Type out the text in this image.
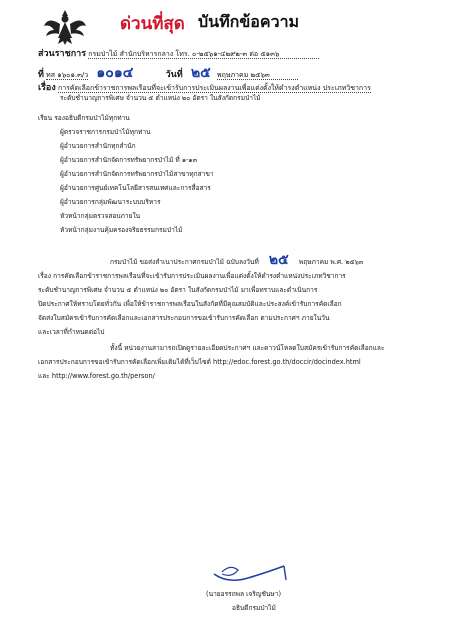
ด่วนที่สุด บันทึกข้อความ
ส่วนราชการ กรมป่าไม้ สำนักบริหารกลาง โทร. ๐-๒๕๖๑-๔๒๙๒-๓ ต่อ ๕๑๓๖
ที่ ทส ๑๖๐๑.๓/ว ๑๐๑๔	วันที่ ๒๕ พฤษภาคม ๒๕๖๓
เรื่อง การคัดเลือกข้าราชการพลเรือนที่จะเข้ารับการประเมินผลงานเพื่อแต่งตั้งให้ดำรงตำแหน่ง ประเภทวิชาการ
ระดับชำนาญการพิเศษ จำนวน ๕ ตำแหน่ง ๒๐ อัตรา ในสังกัดกรมป่าไม้
เรียน รองอธิบดีกรมป่าไม้ทุกท่าน
ผู้ตรวจราชการกรมป่าไม้ทุกท่าน
ผู้อำนวยการสำนักทุกสำนัก
ผู้อำนวยการสำนักจัดการทรัพยากรป่าไม้ ที่ ๑-๑๓
ผู้อำนวยการสำนักจัดการทรัพยากรป่าไม้สาขาทุกสาขา
ผู้อำนวยการศูนย์เทคโนโลยีสารสนเทศและการสื่อสาร
ผู้อำนวยการกลุ่มพัฒนาระบบบริหาร
หัวหน้ากลุ่มตรวจสอบภายใน
หัวหน้ากลุ่มงานคุ้มครองจริยธรรมกรมป่าไม้
กรมป่าไม้ ขอส่งสำเนาประกาศกรมป่าไม้ ฉบับลงวันที่ ๒๕ พฤษภาคม พ.ศ. ๒๕๖๓
เรื่อง การคัดเลือกข้าราชการพลเรือนที่จะเข้ารับการประเมินผลงานเพื่อแต่งตั้งให้ดำรงตำแหน่งประเภทวิชาการ
ระดับชำนาญการพิเศษ จำนวน ๕ ตำแหน่ง ๒๐ อัตรา ในสังกัดกรมป่าไม้ มาเพื่อทราบและดำเนินการ
ปิดประกาศให้ทราบโดยทั่วกัน เพื่อให้ข้าราชการพลเรือนในสังกัดที่มีคุณสมบัติและประสงค์เข้ารับการคัดเลือก
จัดส่งใบสมัครเข้ารับการคัดเลือกและเอกสารประกอบการขอเข้ารับการคัดเลือก ตามประกาศฯ ภายในวัน
และเวลาที่กำหนดต่อไป
ทั้งนี้ หน่วยงานสามารถเปิดดูรายละเอียดประกาศฯ และดาวน์โหลดใบสมัครเข้ารับการคัดเลือกและ
เอกสารประกอบการขอเข้ารับการคัดเลือกเพิ่มเติมได้ที่เว็บไซต์ http://edoc.forest.go.th/doccir/docindex.html
และ http://www.forest.go.th/person/
(นายอรรถพล เจริญชันษา)
อธิบดีกรมป่าไม้
